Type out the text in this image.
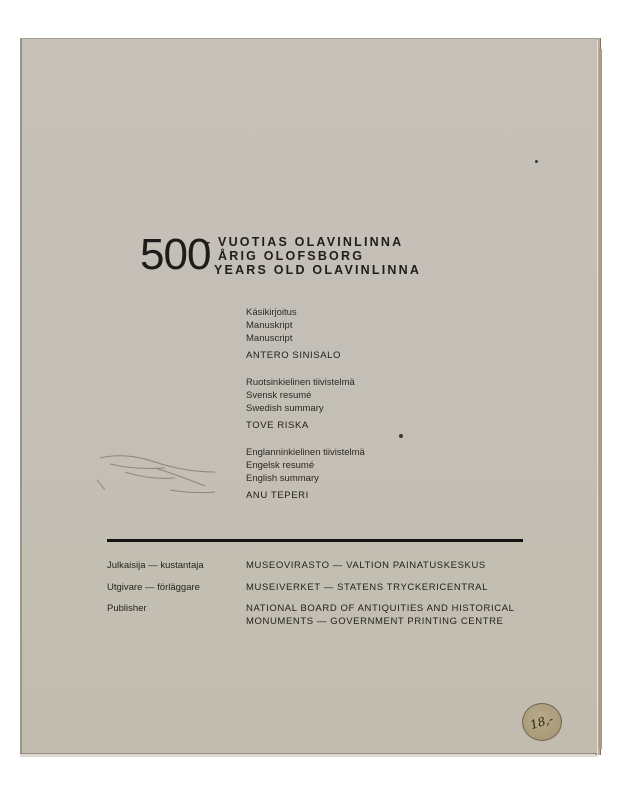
500
- VUOTIAS OLAVINLINNA
- ÅRIG OLOFSBORG
YEARS OLD OLAVINLINNA
Käsikirjoitus
Manuskript
Manuscript
ANTERO SINISALO
Ruotsinkielinen tiivistelmä
Svensk resumé
Swedish summary
TOVE RISKA
Englanninkielinen tiivistelmä
Engelsk resumé
English summary
ANU TEPERI
Julkaisija — kustantaja	MUSEOVIRASTO — VALTION PAINATUSKESKUS
Utgivare — förläggare	MUSEIVERKET — STATENS TRYCKERICENTRAL
Publisher	NATIONAL BOARD OF ANTIQUITIES AND HISTORICAL
MONUMENTS — GOVERNMENT PRINTING CENTRE
18,-
